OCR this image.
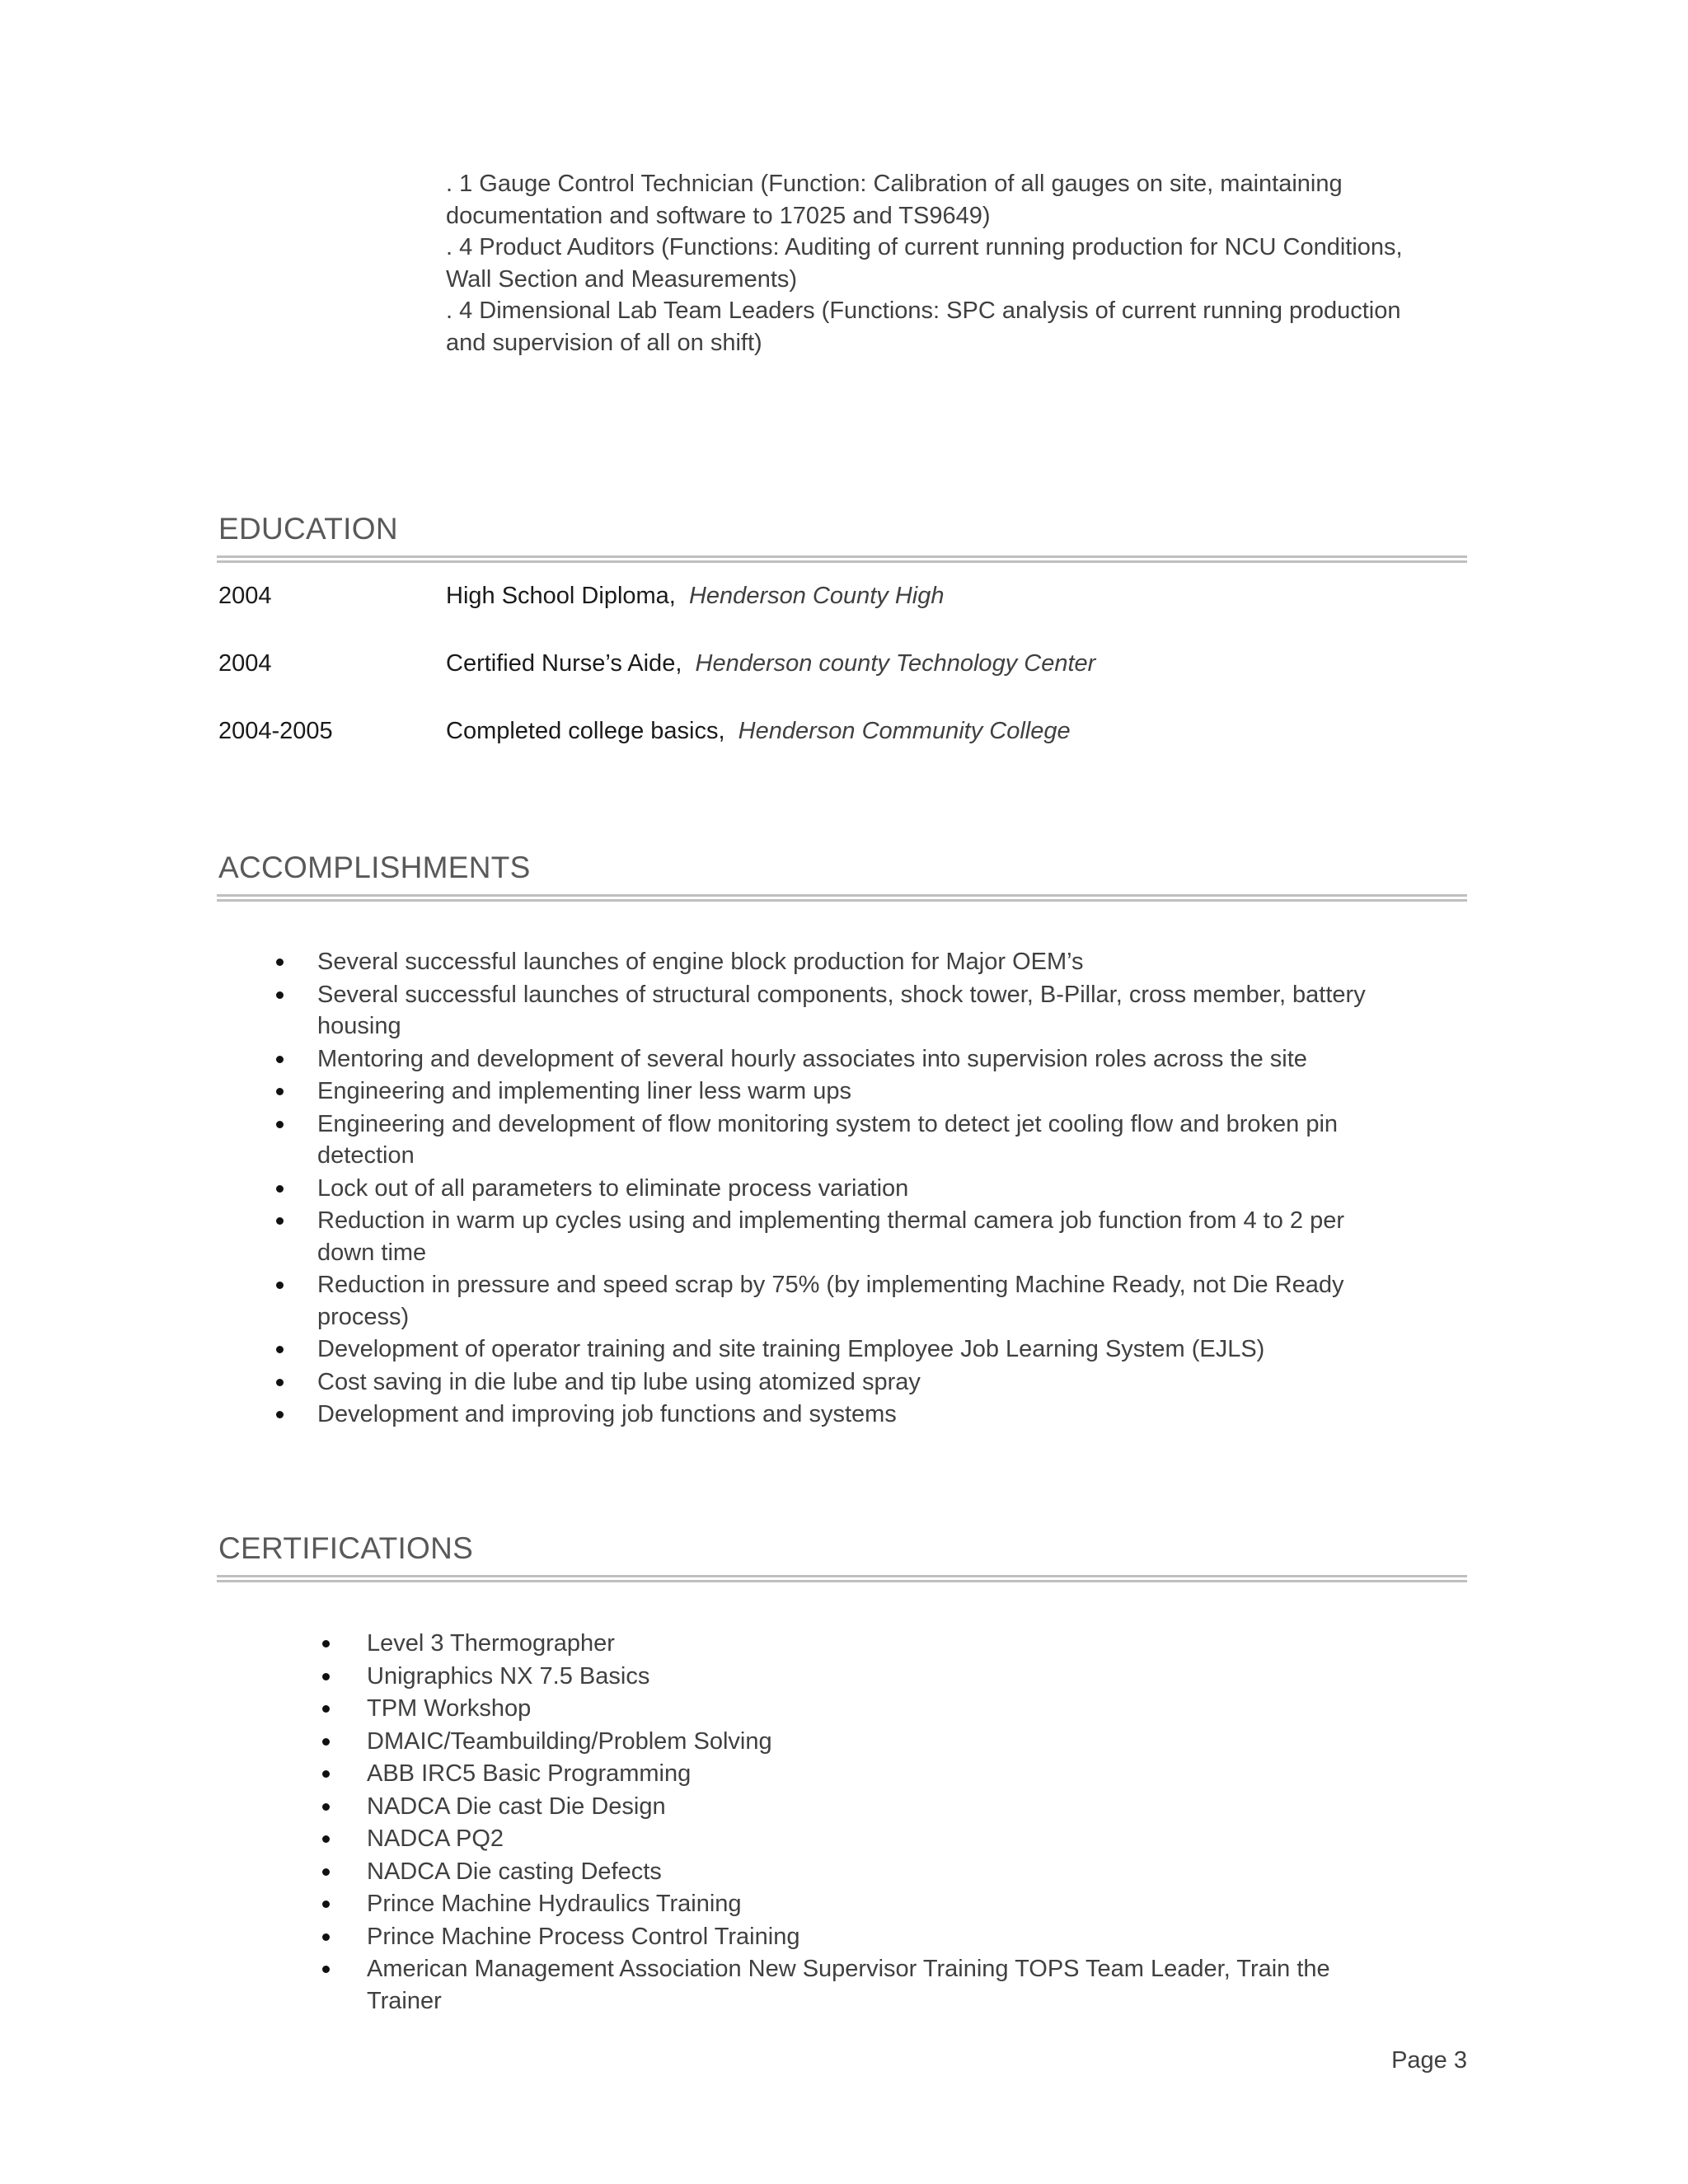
. 1 Gauge Control Technician (Function: Calibration of all gauges on site, maintaining documentation and software to 17025 and TS9649)

. 4 Product Auditors (Functions: Auditing of current running production for NCU Conditions, Wall Section and Measurements)

. 4 Dimensional Lab Team Leaders (Functions: SPC analysis of current running production and supervision of all on shift)

EDUCATION
2004	High School Diploma, Henderson County High
2004	Certified Nurse’s Aide, Henderson county Technology Center
2004-2005	Completed college basics, Henderson Community College
ACCOMPLISHMENTS
Several successful launches of engine block production for Major OEM’s
Several successful launches of structural components, shock tower, B-Pillar, cross member, battery housing
Mentoring and development of several hourly associates into supervision roles across the site
Engineering and implementing liner less warm ups
Engineering and development of flow monitoring system to detect jet cooling flow and broken pin detection
Lock out of all parameters to eliminate process variation
Reduction in warm up cycles using and implementing thermal camera job function from 4 to 2 per down time
Reduction in pressure and speed scrap by 75% (by implementing Machine Ready, not Die Ready process)
Development of operator training and site training Employee Job Learning System (EJLS)
Cost saving in die lube and tip lube using atomized spray
Development and improving job functions and systems
CERTIFICATIONS
Level 3 Thermographer
Unigraphics NX 7.5 Basics
TPM Workshop
DMAIC/Teambuilding/Problem Solving
ABB IRC5 Basic Programming
NADCA Die cast Die Design
NADCA PQ2
NADCA Die casting Defects
Prince Machine Hydraulics Training
Prince Machine Process Control Training
American Management Association New Supervisor Training TOPS Team Leader, Train the Trainer
Page 3
